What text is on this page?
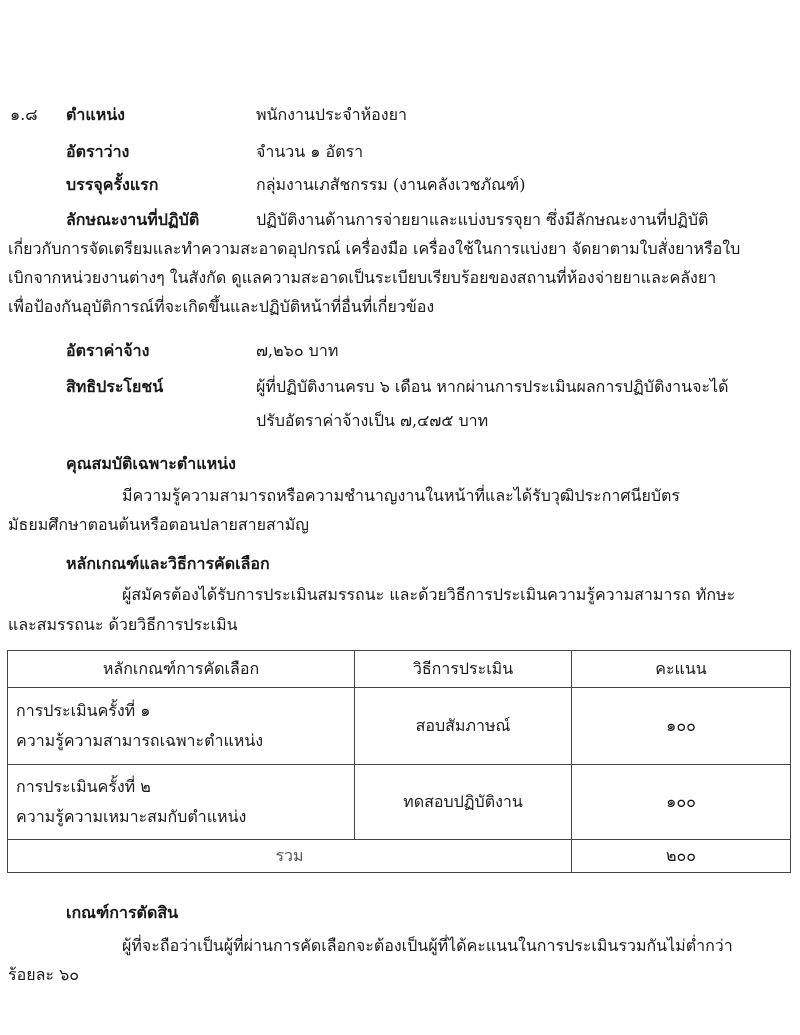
๑.๘ ตำแหน่ง	พนักงานประจำห้องยา
อัตราว่าง	จำนวน ๑ อัตรา
บรรจุครั้งแรก	กลุ่มงานเภสัชกรรม (งานคลังเวชภัณฑ์)
ลักษณะงานที่ปฏิบัติ	ปฏิบัติงานด้านการจ่ายยาและแบ่งบรรจุยา ซึ่งมีลักษณะงานที่ปฏิบัติ
เกี่ยวกับการจัดเตรียมและทำความสะอาดอุปกรณ์ เครื่องมือ เครื่องใช้ในการแบ่งยา จัดยาตามใบสั่งยาหรือใบ
เบิกจากหน่วยงานต่างๆ ในสังกัด ดูแลความสะอาดเป็นระเบียบเรียบร้อยของสถานที่ห้องจ่ายยาและคลังยา
เพื่อป้องกันอุบัติการณ์ที่จะเกิดขึ้นและปฏิบัติหน้าที่อื่นที่เกี่ยวข้อง
อัตราค่าจ้าง	๗,๒๖๐ บาท
สิทธิประโยชน์	ผู้ที่ปฏิบัติงานครบ ๖ เดือน หากผ่านการประเมินผลการปฏิบัติงานจะได้
ปรับอัตราค่าจ้างเป็น ๗,๔๗๕ บาท
คุณสมบัติเฉพาะตำแหน่ง
มีความรู้ความสามารถหรือความชำนาญงานในหน้าที่และได้รับวุฒิประกาศนียบัตร
มัธยมศึกษาตอนต้นหรือตอนปลายสายสามัญ
หลักเกณฑ์และวิธีการคัดเลือก
ผู้สมัครต้องได้รับการประเมินสมรรถนะ และด้วยวิธีการประเมินความรู้ความสามารถ ทักษะ
และสมรรถนะ ด้วยวิธีการประเมิน
หลักเกณฑ์การคัดเลือก	วิธีการประเมิน	คะแนน

การประเมินครั้งที่ ๑
ความรู้ความสามารถเฉพาะตำแหน่ง	สอบสัมภาษณ์	๑๐๐

การประเมินครั้งที่ ๒
ความรู้ความเหมาะสมกับตำแหน่ง	ทดสอบปฏิบัติงาน	๑๐๐
รวม		๒๐๐
เกณฑ์การตัดสิน
ผู้ที่จะถือว่าเป็นผู้ที่ผ่านการคัดเลือกจะต้องเป็นผู้ที่ได้คะแนนในการประเมินรวมกันไม่ต่ำกว่า
ร้อยละ ๖๐
